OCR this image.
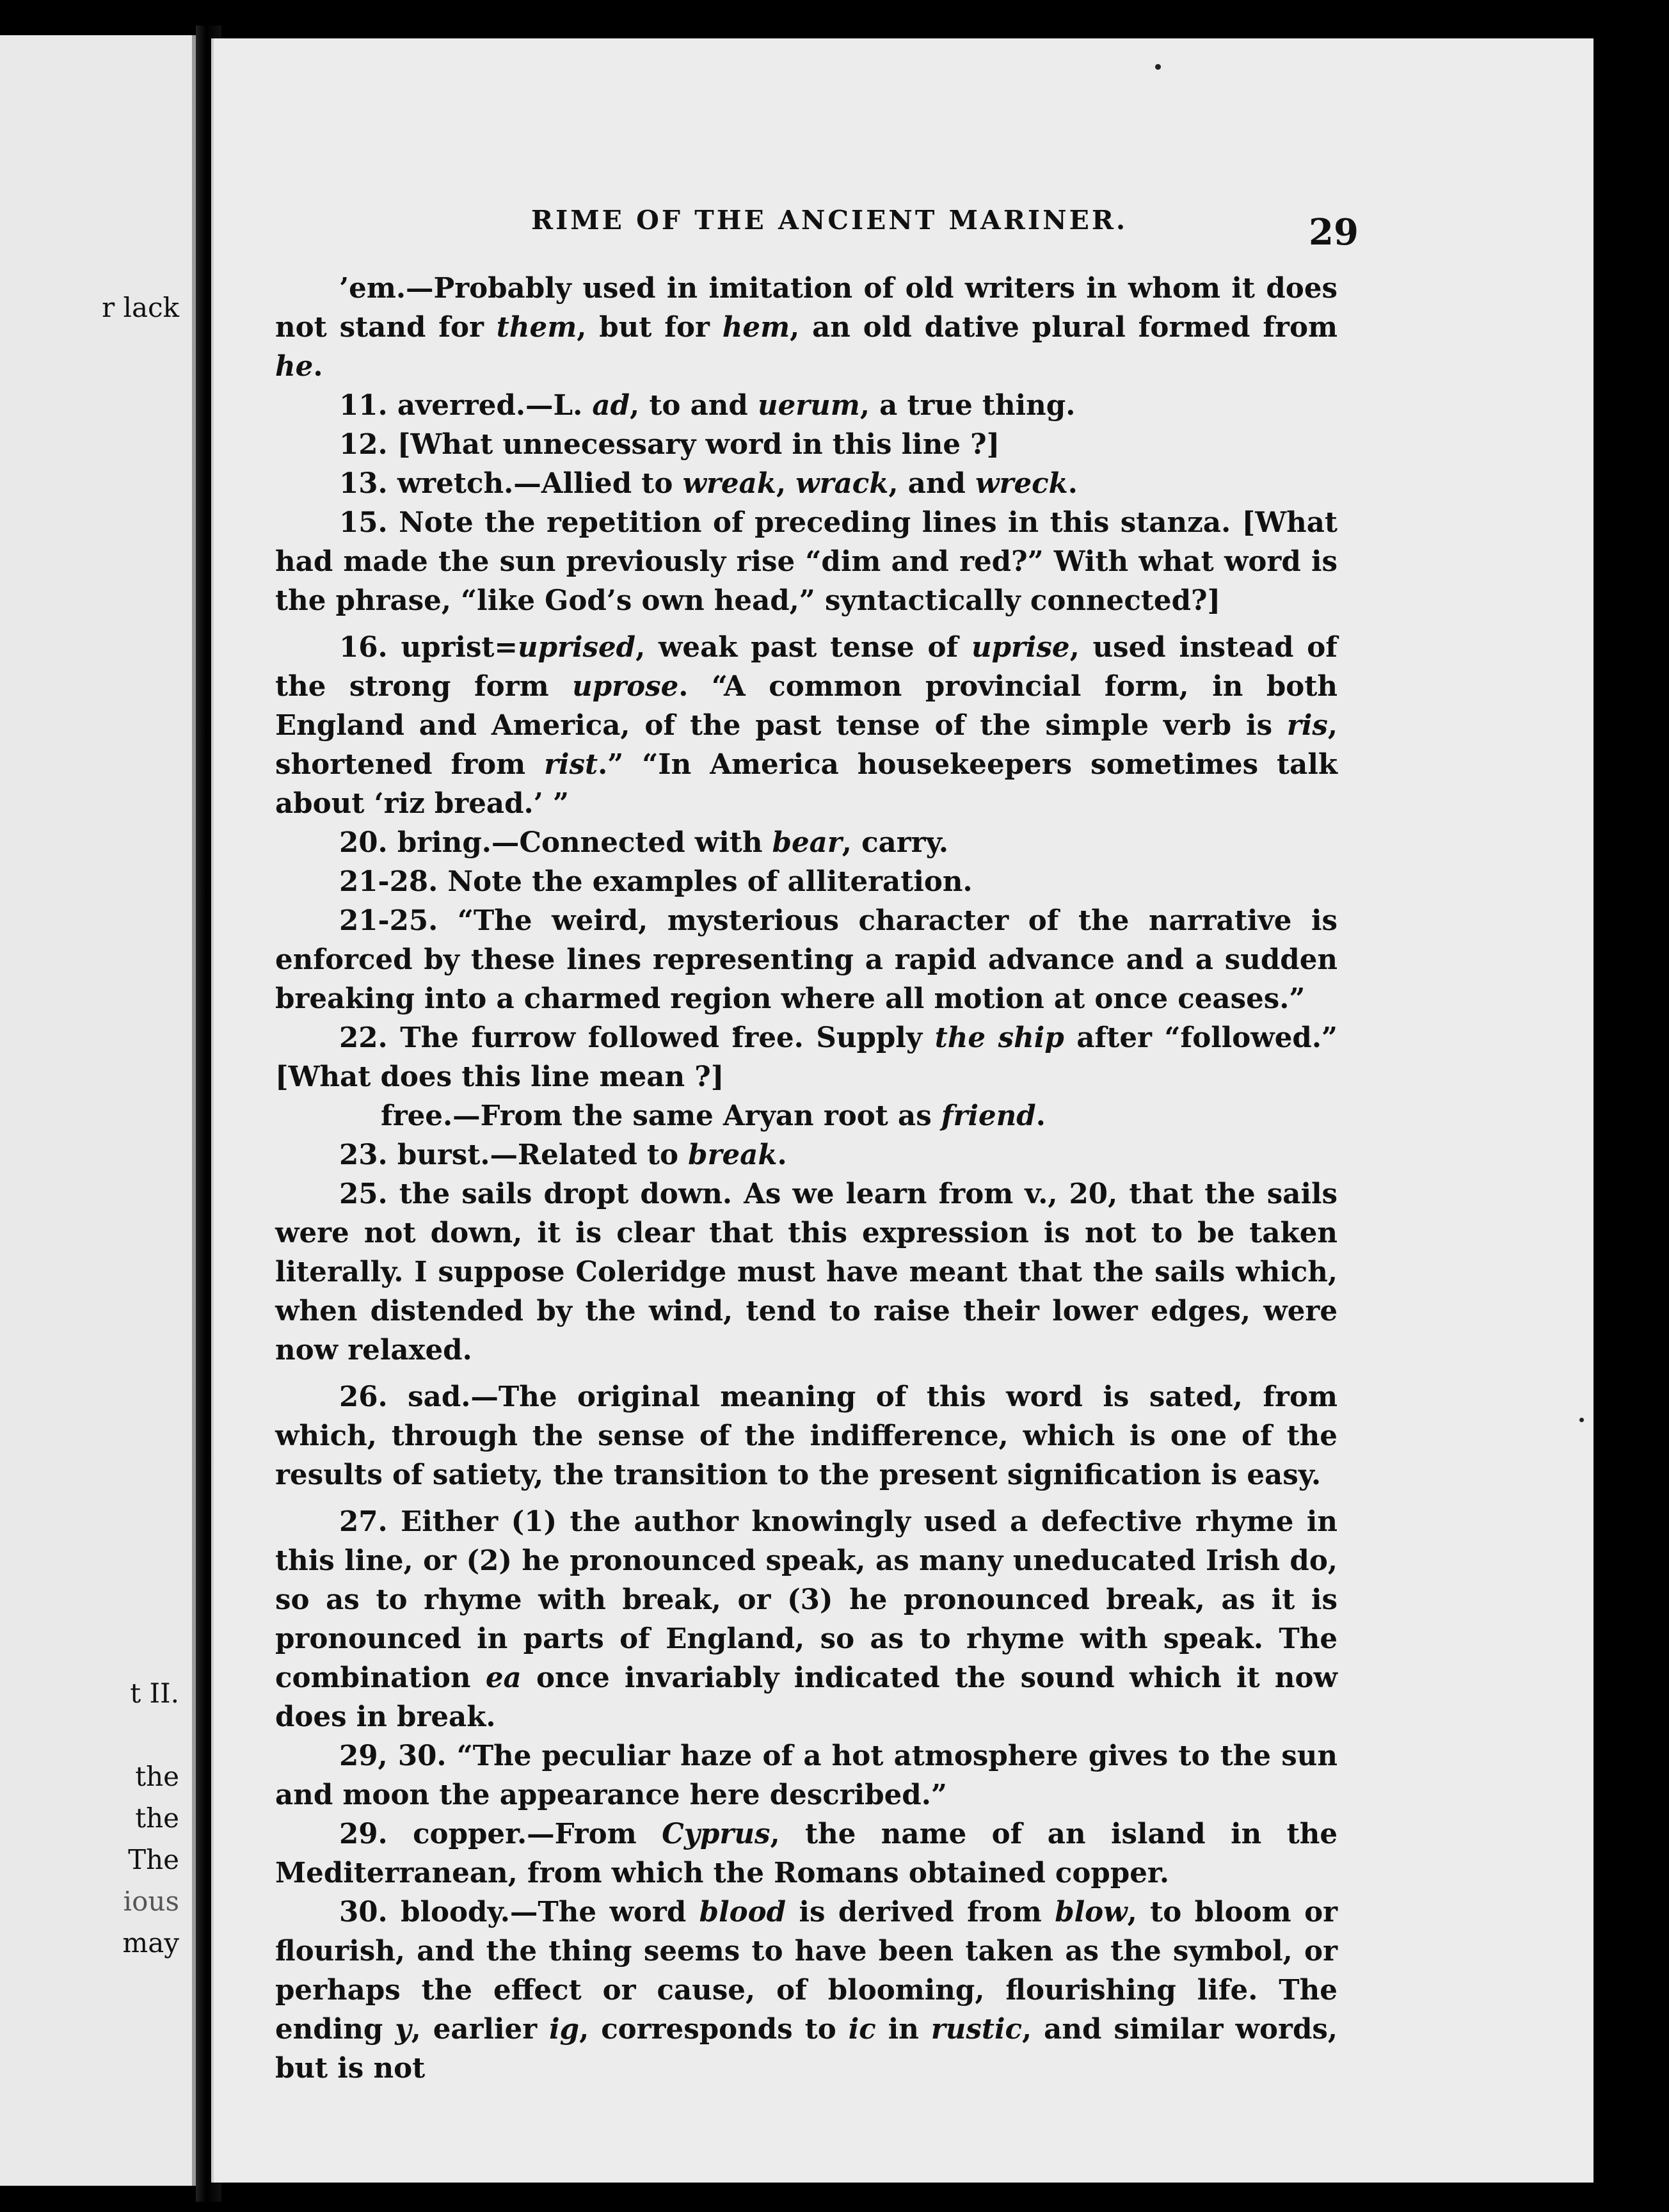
r lack
t II.
the
the
The
ious
may
RIME OF THE ANCIENT MARINER.	29

’em.—Probably used in imitation of old writers in whom it does not stand for them, but for hem, an old dative plural formed from he.

11. averred.—L. ad, to and uerum, a true thing.

12. [What unnecessary word in this line ?]

13. wretch.—Allied to wreak, wrack, and wreck.

15. Note the repetition of preceding lines in this stanza. [What had made the sun previously rise “dim and red?” With what word is the phrase, “like God’s own head,” syntactically connected?]

16. uprist=uprised, weak past tense of uprise, used instead of the strong form uprose. “A common provincial form, in both England and America, of the past tense of the simple verb is ris, shortened from rist.” “In America housekeepers sometimes talk about ‘riz bread.’ ”

20. bring.—Connected with bear, carry.

21-28. Note the examples of alliteration.

21-25. “The weird, mysterious character of the narrative is enforced by these lines representing a rapid advance and a sudden breaking into a charmed region where all motion at once ceases.”

22. The furrow followed free. Supply the ship after “followed.” [What does this line mean ?]

free.—From the same Aryan root as friend.

23. burst.—Related to break.

25. the sails dropt down. As we learn from v., 20, that the sails were not down, it is clear that this expression is not to be taken literally. I suppose Coleridge must have meant that the sails which, when distended by the wind, tend to raise their lower edges, were now relaxed.

26. sad.—The original meaning of this word is sated, from which, through the sense of the indifference, which is one of the results of satiety, the transition to the present signification is easy.

27. Either (1) the author knowingly used a defective rhyme in this line, or (2) he pronounced speak, as many uneducated Irish do, so as to rhyme with break, or (3) he pronounced break, as it is pronounced in parts of England, so as to rhyme with speak. The combination ea once invariably indicated the sound which it now does in break.

29, 30. “The peculiar haze of a hot atmosphere gives to the sun and moon the appearance here described.”

29. copper.—From Cyprus, the name of an island in the Mediterranean, from which the Romans obtained copper.

30. bloody.—The word blood is derived from blow, to bloom or flourish, and the thing seems to have been taken as the symbol, or perhaps the effect or cause, of blooming, flourishing life. The ending y, earlier ig, corresponds to ic in rustic, and similar words, but is not
